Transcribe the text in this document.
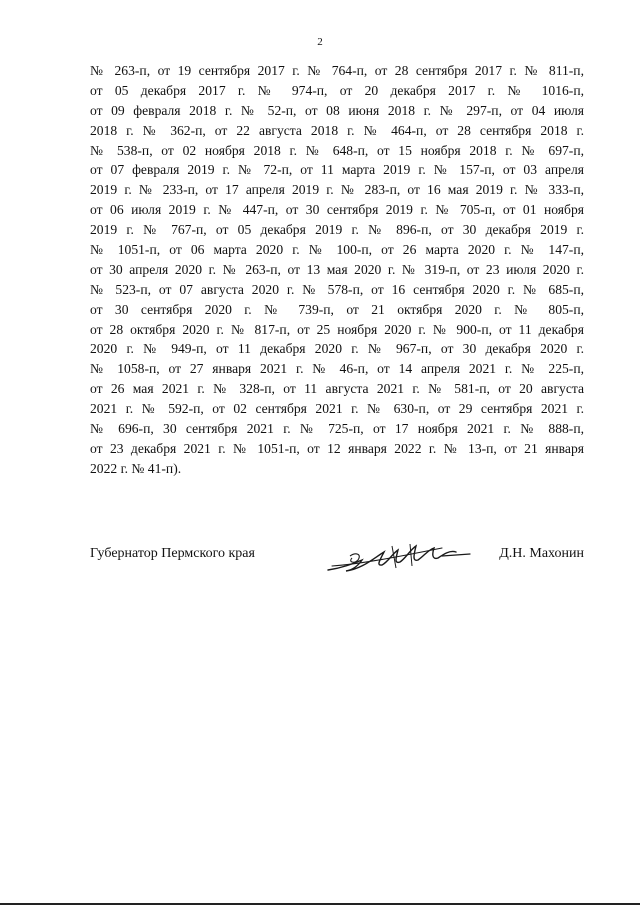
2
№ 263-п, от 19 сентября 2017 г. № 764-п, от 28 сентября 2017 г. № 811-п,
от 05 декабря 2017 г. № 974-п, от 20 декабря 2017 г. № 1016-п,
от 09 февраля 2018 г. № 52-п, от 08 июня 2018 г. № 297-п, от 04 июля
2018 г. № 362-п, от 22 августа 2018 г. № 464-п, от 28 сентября 2018 г.
№ 538-п, от 02 ноября 2018 г. № 648-п, от 15 ноября 2018 г. № 697-п,
от 07 февраля 2019 г. № 72-п, от 11 марта 2019 г. № 157-п, от 03 апреля
2019 г. № 233-п, от 17 апреля 2019 г. № 283-п, от 16 мая 2019 г. № 333-п,
от 06 июля 2019 г. № 447-п, от 30 сентября 2019 г. № 705-п, от 01 ноября
2019 г. № 767-п, от 05 декабря 2019 г. № 896-п, от 30 декабря 2019 г.
№ 1051-п, от 06 марта 2020 г. № 100-п, от 26 марта 2020 г. № 147-п,
от 30 апреля 2020 г. № 263-п, от 13 мая 2020 г. № 319-п, от 23 июля 2020 г.
№ 523-п, от 07 августа 2020 г. № 578-п, от 16 сентября 2020 г. № 685-п,
от 30 сентября 2020 г. № 739-п, от 21 октября 2020 г. № 805-п,
от 28 октября 2020 г. № 817-п, от 25 ноября 2020 г. № 900-п, от 11 декабря
2020 г. № 949-п, от 11 декабря 2020 г. № 967-п, от 30 декабря 2020 г.
№ 1058-п, от 27 января 2021 г. № 46-п, от 14 апреля 2021 г. № 225-п,
от 26 мая 2021 г. № 328-п, от 11 августа 2021 г. № 581-п, от 20 августа
2021 г. № 592-п, от 02 сентября 2021 г. № 630-п, от 29 сентября 2021 г.
№ 696-п, 30 сентября 2021 г. № 725-п, от 17 ноября 2021 г. № 888-п,
от 23 декабря 2021 г. № 1051-п, от 12 января 2022 г. № 13-п, от 21 января
2022 г. № 41-п).
Губернатор Пермского края	Д.Н. Махонин
